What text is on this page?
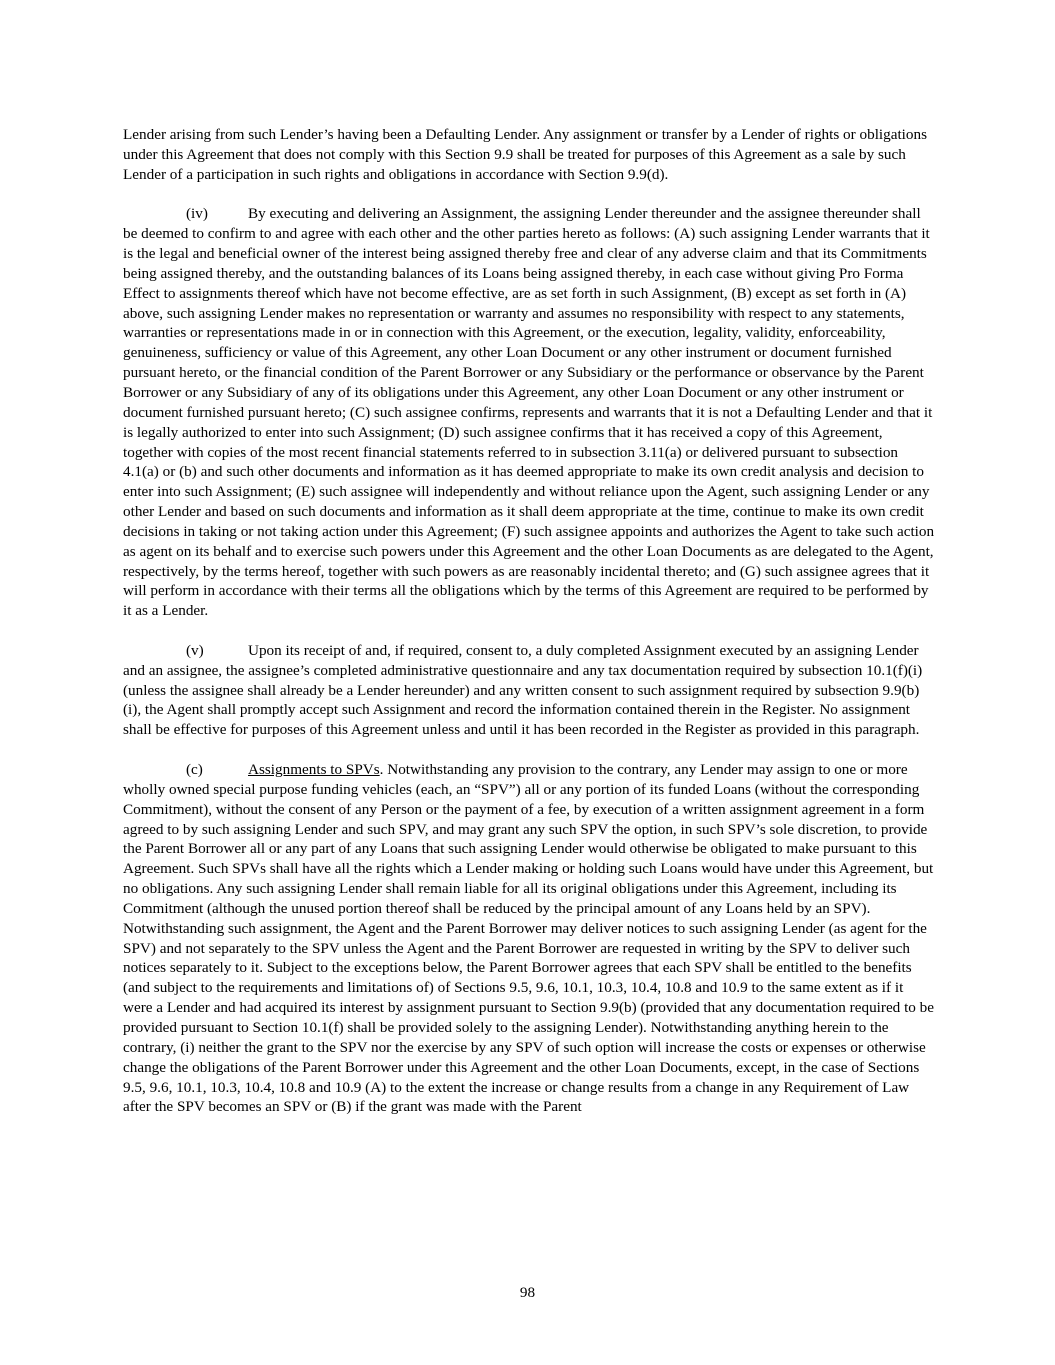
Lender arising from such Lender’s having been a Defaulting Lender. Any assignment or transfer by a Lender of rights or obligations under this Agreement that does not comply with this Section 9.9 shall be treated for purposes of this Agreement as a sale by such Lender of a participation in such rights and obligations in accordance with Section 9.9(d).

(iv)	By executing and delivering an Assignment, the assigning Lender thereunder and the assignee thereunder shall be deemed to confirm to and agree with each other and the other parties hereto as follows: (A) such assigning Lender warrants that it is the legal and beneficial owner of the interest being assigned thereby free and clear of any adverse claim and that its Commitments being assigned thereby, and the outstanding balances of its Loans being assigned thereby, in each case without giving Pro Forma Effect to assignments thereof which have not become effective, are as set forth in such Assignment, (B) except as set forth in (A) above, such assigning Lender makes no representation or warranty and assumes no responsibility with respect to any statements, warranties or representations made in or in connection with this Agreement, or the execution, legality, validity, enforceability, genuineness, sufficiency or value of this Agreement, any other Loan Document or any other instrument or document furnished pursuant hereto, or the financial condition of the Parent Borrower or any Subsidiary or the performance or observance by the Parent Borrower or any Subsidiary of any of its obligations under this Agreement, any other Loan Document or any other instrument or document furnished pursuant hereto; (C) such assignee confirms, represents and warrants that it is not a Defaulting Lender and that it is legally authorized to enter into such Assignment; (D) such assignee confirms that it has received a copy of this Agreement, together with copies of the most recent financial statements referred to in subsection 3.11(a) or delivered pursuant to subsection 4.1(a) or (b) and such other documents and information as it has deemed appropriate to make its own credit analysis and decision to enter into such Assignment; (E) such assignee will independently and without reliance upon the Agent, such assigning Lender or any other Lender and based on such documents and information as it shall deem appropriate at the time, continue to make its own credit decisions in taking or not taking action under this Agreement; (F) such assignee appoints and authorizes the Agent to take such action as agent on its behalf and to exercise such powers under this Agreement and the other Loan Documents as are delegated to the Agent, respectively, by the terms hereof, together with such powers as are reasonably incidental thereto; and (G) such assignee agrees that it will perform in accordance with their terms all the obligations which by the terms of this Agreement are required to be performed by it as a Lender.

(v)	Upon its receipt of and, if required, consent to, a duly completed Assignment executed by an assigning Lender and an assignee, the assignee’s completed administrative questionnaire and any tax documentation required by subsection 10.1(f)(i) (unless the assignee shall already be a Lender hereunder) and any written consent to such assignment required by subsection 9.9(b)(i), the Agent shall promptly accept such Assignment and record the information contained therein in the Register. No assignment shall be effective for purposes of this Agreement unless and until it has been recorded in the Register as provided in this paragraph.

(c)	Assignments to SPVs. Notwithstanding any provision to the contrary, any Lender may assign to one or more wholly owned special purpose funding vehicles (each, an “SPV”) all or any portion of its funded Loans (without the corresponding Commitment), without the consent of any Person or the payment of a fee, by execution of a written assignment agreement in a form agreed to by such assigning Lender and such SPV, and may grant any such SPV the option, in such SPV’s sole discretion, to provide the Parent Borrower all or any part of any Loans that such assigning Lender would otherwise be obligated to make pursuant to this Agreement. Such SPVs shall have all the rights which a Lender making or holding such Loans would have under this Agreement, but no obligations. Any such assigning Lender shall remain liable for all its original obligations under this Agreement, including its Commitment (although the unused portion thereof shall be reduced by the principal amount of any Loans held by an SPV). Notwithstanding such assignment, the Agent and the Parent Borrower may deliver notices to such assigning Lender (as agent for the SPV) and not separately to the SPV unless the Agent and the Parent Borrower are requested in writing by the SPV to deliver such notices separately to it. Subject to the exceptions below, the Parent Borrower agrees that each SPV shall be entitled to the benefits (and subject to the requirements and limitations of) of Sections 9.5, 9.6, 10.1, 10.3, 10.4, 10.8 and 10.9 to the same extent as if it were a Lender and had acquired its interest by assignment pursuant to Section 9.9(b) (provided that any documentation required to be provided pursuant to Section 10.1(f) shall be provided solely to the assigning Lender). Notwithstanding anything herein to the contrary, (i) neither the grant to the SPV nor the exercise by any SPV of such option will increase the costs or expenses or otherwise change the obligations of the Parent Borrower under this Agreement and the other Loan Documents, except, in the case of Sections 9.5, 9.6, 10.1, 10.3, 10.4, 10.8 and 10.9 (A) to the extent the increase or change results from a change in any Requirement of Law after the SPV becomes an SPV or (B) if the grant was made with the Parent

98
